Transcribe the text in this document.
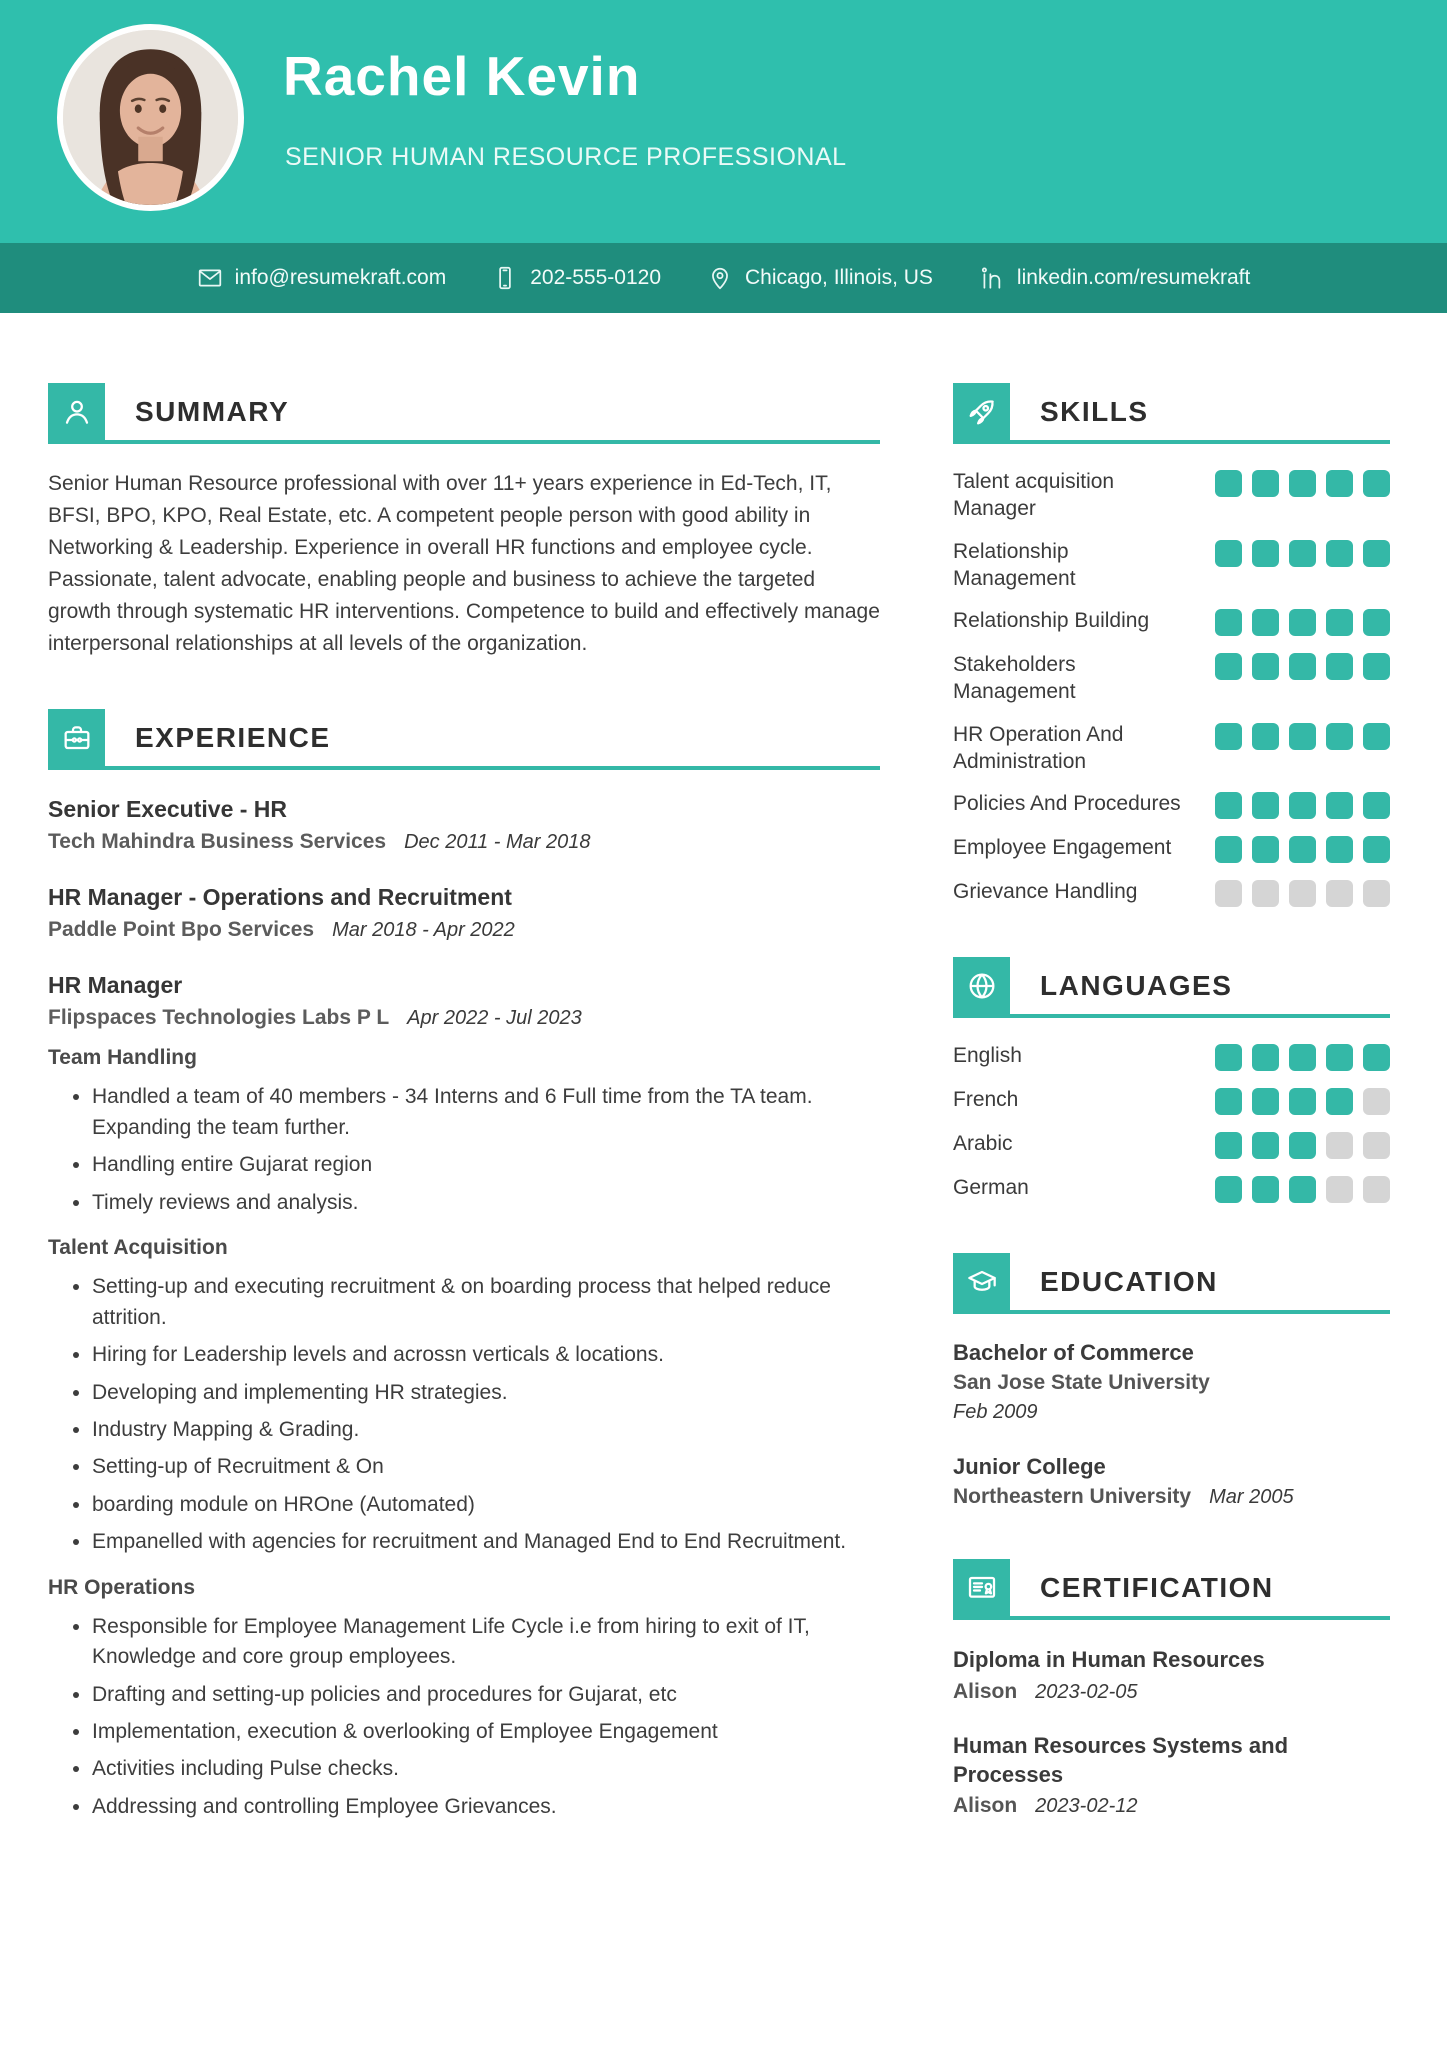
Rachel Kevin
SENIOR HUMAN RESOURCE PROFESSIONAL
info@resumekraft.com	202-555-0120	Chicago, Illinois, US	linkedin.com/resumekraft
SUMMARY

Senior Human Resource professional with over 11+ years experience in Ed-Tech, IT, BFSI, BPO, KPO, Real Estate, etc. A competent people person with good ability in Networking & Leadership. Experience in overall HR functions and employee cycle. Passionate, talent advocate, enabling people and business to achieve the targeted growth through systematic HR interventions. Competence to build and effectively manage interpersonal relationships at all levels of the organization.

EXPERIENCE
Senior Executive - HR
Tech Mahindra Business Services Dec 2011 - Mar 2018
HR Manager - Operations and Recruitment
Paddle Point Bpo Services Mar 2018 - Apr 2022
HR Manager
Flipspaces Technologies Labs P L Apr 2022 - Jul 2023
Team Handling
• Handled a team of 40 members - 34 Interns and 6 Full time from the TA team. Expanding the team further.
• Handling entire Gujarat region
• Timely reviews and analysis.
Talent Acquisition
• Setting-up and executing recruitment & on boarding process that helped reduce attrition.
• Hiring for Leadership levels and acrossn verticals & locations.
• Developing and implementing HR strategies.
• Industry Mapping & Grading.
• Setting-up of Recruitment & On
• boarding module on HROne (Automated)
• Empanelled with agencies for recruitment and Managed End to End Recruitment.
HR Operations
• Responsible for Employee Management Life Cycle i.e from hiring to exit of IT, Knowledge and core group employees.
• Drafting and setting-up policies and procedures for Gujarat, etc
• Implementation, execution & overlooking of Employee Engagement
• Activities including Pulse checks.
• Addressing and controlling Employee Grievances.
SKILLS
Talent acquisition Manager
Relationship Management
Relationship Building
Stakeholders Management
HR Operation And Administration
Policies And Procedures
Employee Engagement
Grievance Handling
LANGUAGES
English
French
Arabic
German
EDUCATION
Bachelor of Commerce
San Jose State University
Feb 2009
Junior College
Northeastern University Mar 2005
CERTIFICATION
Diploma in Human Resources
Alison 2023-02-05
Human Resources Systems and Processes
Alison 2023-02-12
